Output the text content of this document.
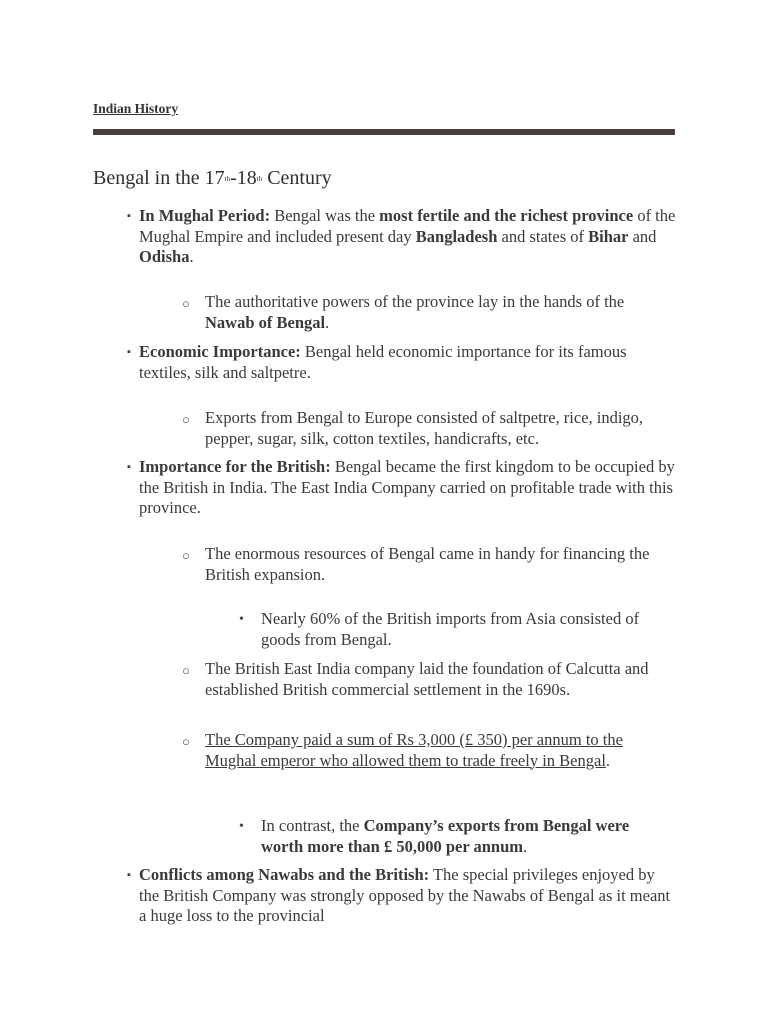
Indian History
Bengal in the 17th-18th Century
▪ In Mughal Period: Bengal was the most fertile and the richest province of the Mughal Empire and included present day Bangladesh and states of Bihar and Odisha.
○ The authoritative powers of the province lay in the hands of the Nawab of Bengal.
▪ Economic Importance: Bengal held economic importance for its famous textiles, silk and saltpetre.
○ Exports from Bengal to Europe consisted of saltpetre, rice, indigo, pepper, sugar, silk, cotton textiles, handicrafts, etc.
▪ Importance for the British: Bengal became the first kingdom to be occupied by the British in India. The East India Company carried on profitable trade with this province.
○ The enormous resources of Bengal came in handy for financing the British expansion.
• Nearly 60% of the British imports from Asia consisted of goods from Bengal.
○ The British East India company laid the foundation of Calcutta and established British commercial settlement in the 1690s.
○ The Company paid a sum of Rs 3,000 (£ 350) per annum to the Mughal emperor who allowed them to trade freely in Bengal.
• In contrast, the Company’s exports from Bengal were worth more than £ 50,000 per annum.
▪ Conflicts among Nawabs and the British: The special privileges enjoyed by the British Company was strongly opposed by the Nawabs of Bengal as it meant a huge loss to the provincial
